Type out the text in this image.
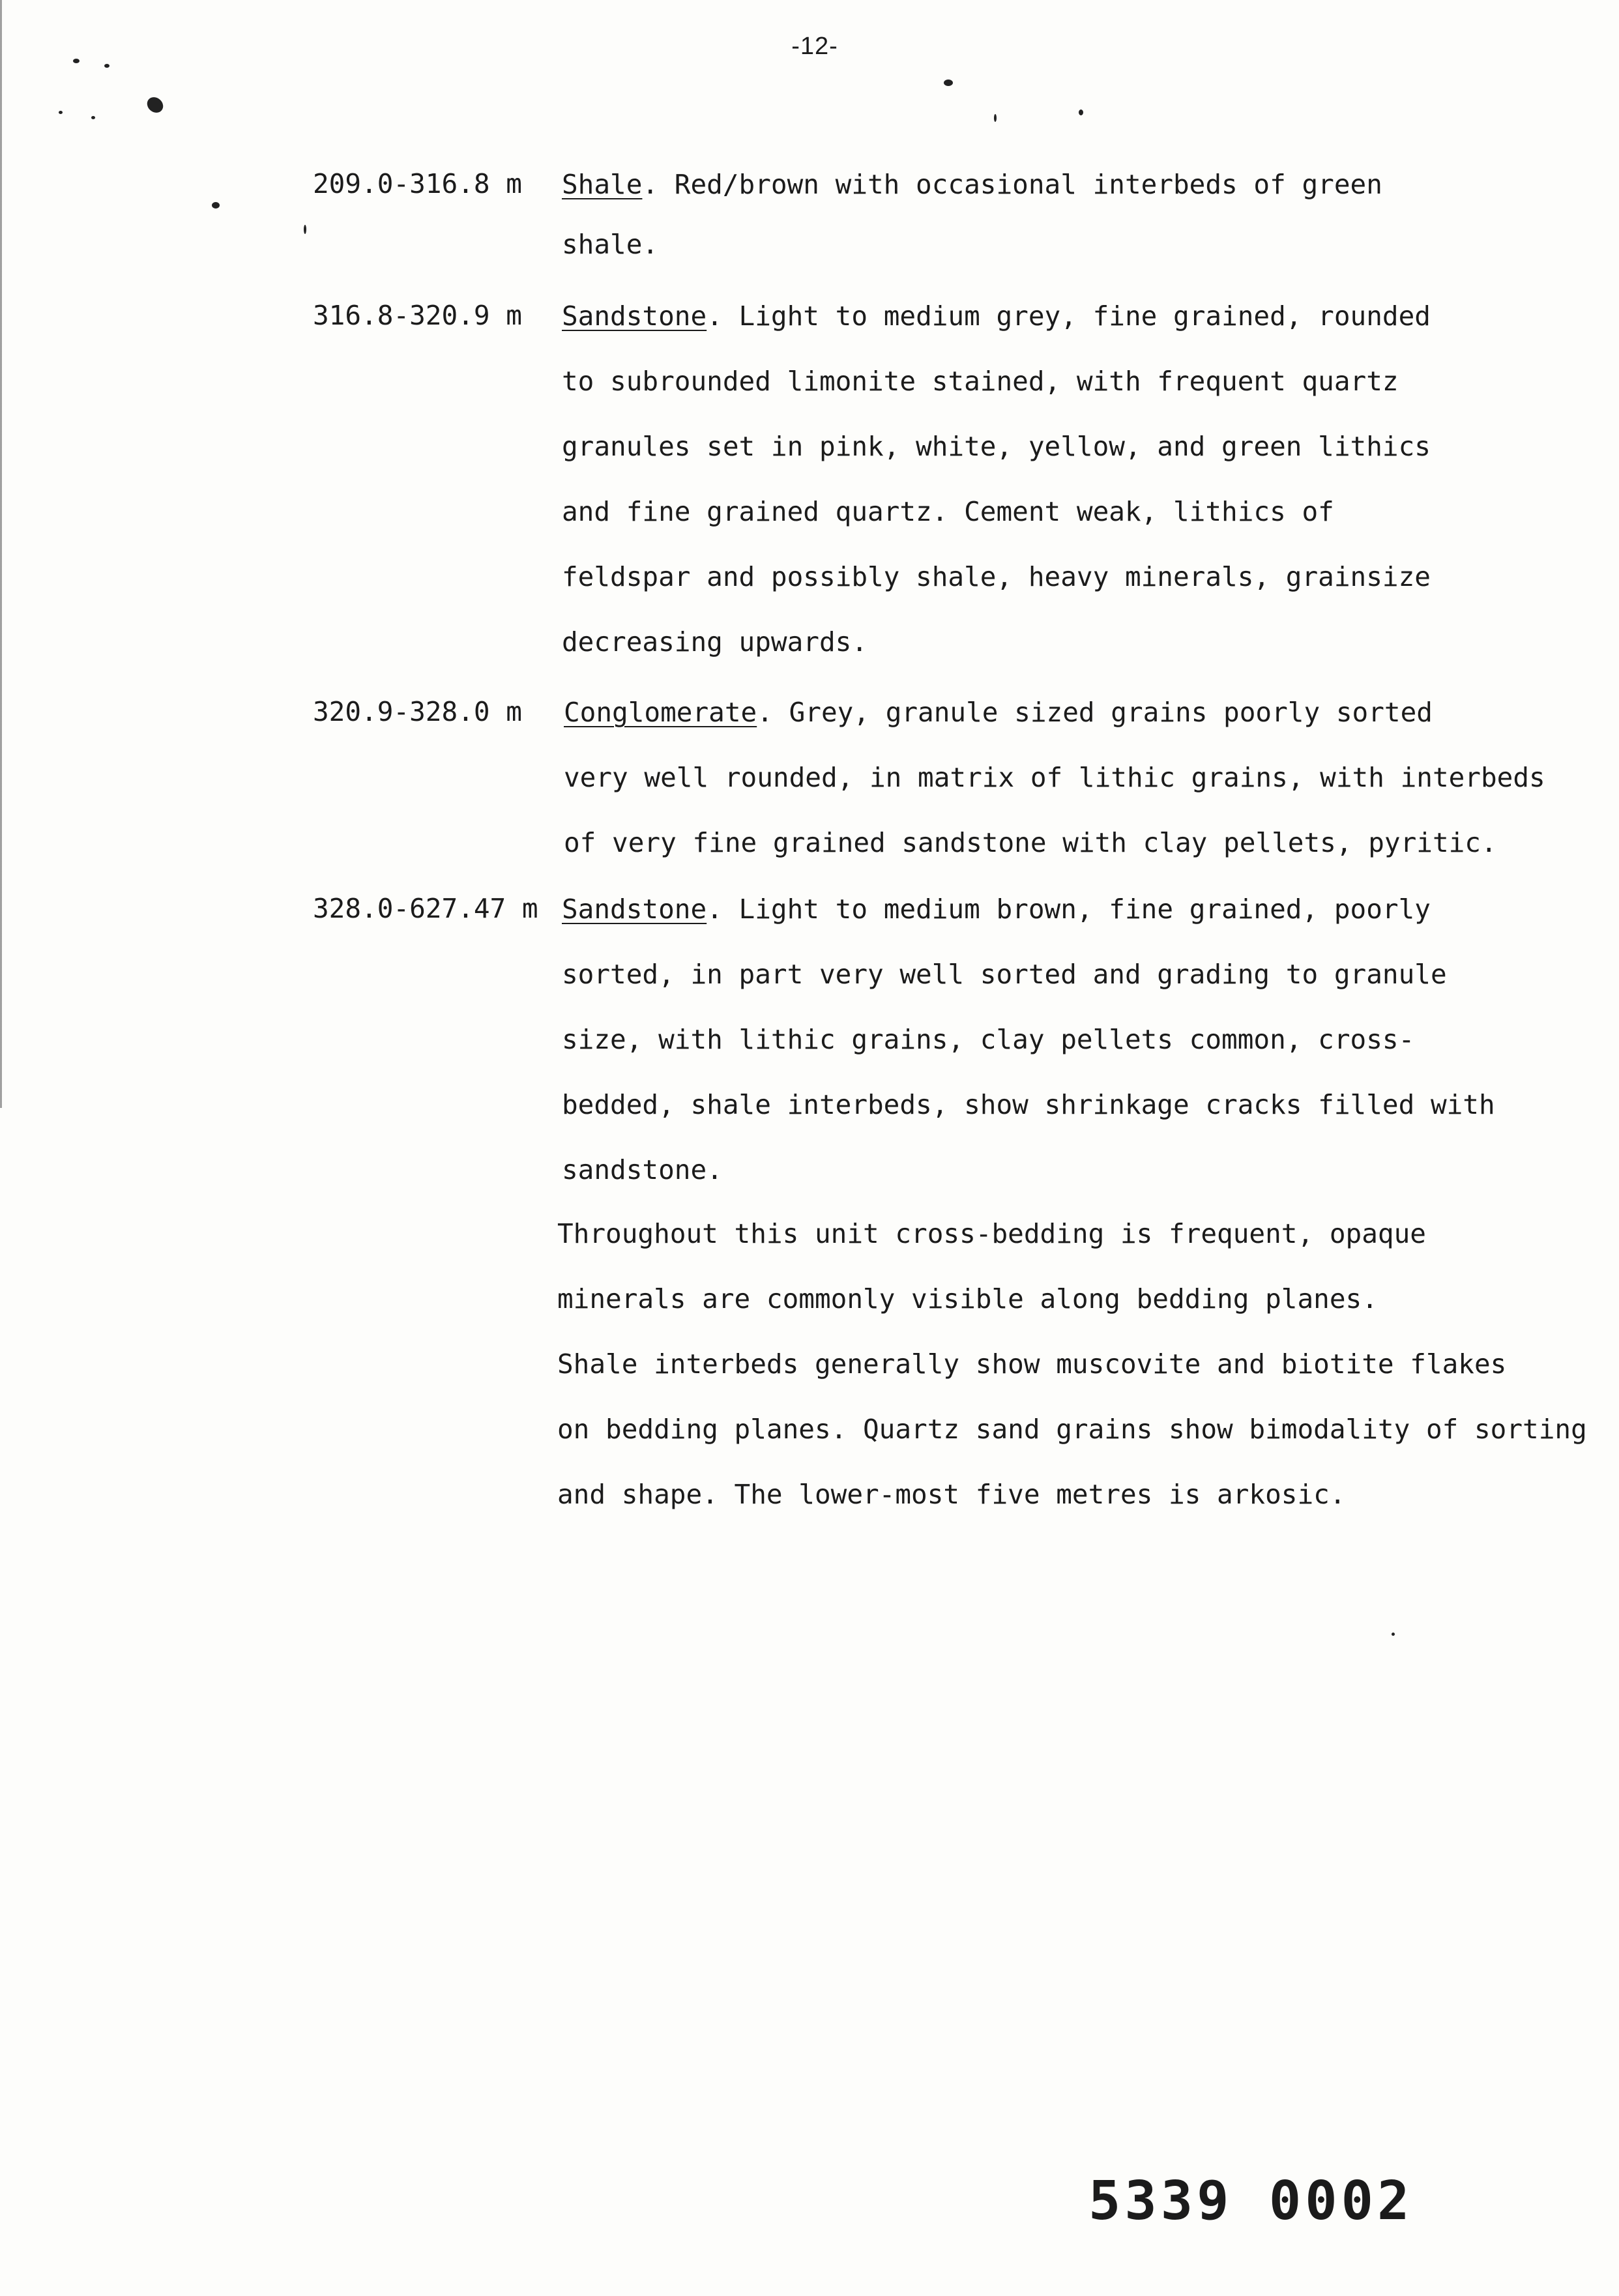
-12-
209.0-316.8 m Shale. Red/brown with occasional interbeds of green
shale.
316.8-320.9 m Sandstone. Light to medium grey, fine grained, rounded
to subrounded limonite stained, with frequent quartz
granules set in pink, white, yellow, and green lithics
and fine grained quartz. Cement weak, lithics of
feldspar and possibly shale, heavy minerals, grainsize
decreasing upwards.
320.9-328.0 m Conglomerate. Grey, granule sized grains poorly sorted
very well rounded, in matrix of lithic grains, with interbeds
of very fine grained sandstone with clay pellets, pyritic.
328.0-627.47 m Sandstone. Light to medium brown, fine grained, poorly
sorted, in part very well sorted and grading to granule
size, with lithic grains, clay pellets common, cross-
bedded, shale interbeds, show shrinkage cracks filled with
sandstone.
Throughout this unit cross-bedding is frequent, opaque
minerals are commonly visible along bedding planes.
Shale interbeds generally show muscovite and biotite flakes
on bedding planes. Quartz sand grains show bimodality of sorting
and shape. The lower-most five metres is arkosic.
5339 0002
